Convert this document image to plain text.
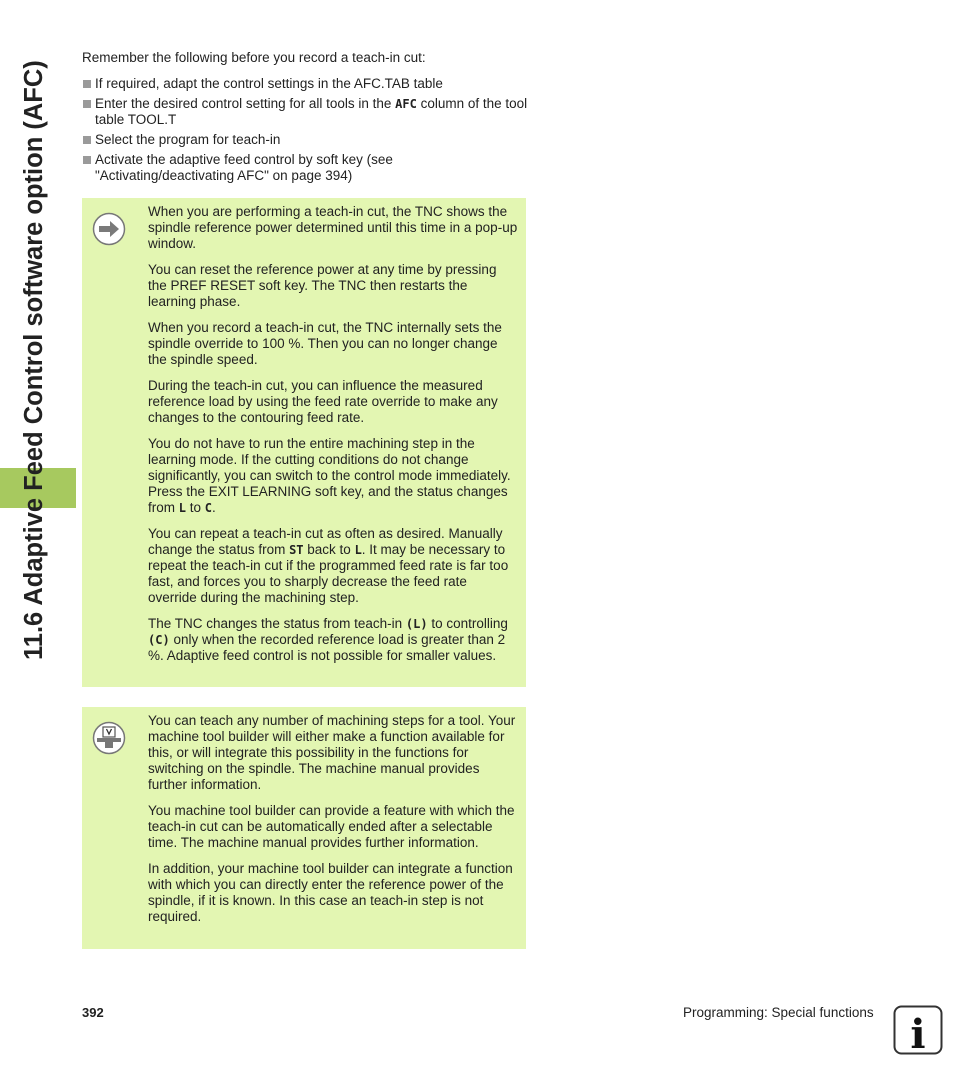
11.6 Adaptive Feed Control software option (AFC)
Remember the following before you record a teach-in cut:
If required, adapt the control settings in the AFC.TAB table
Enter the desired control setting for all tools in the AFC column of the tool table TOOL.T
Select the program for teach-in
Activate the adaptive feed control by soft key (see "Activating/deactivating AFC" on page 394)

When you are performing a teach-in cut, the TNC shows the spindle reference power determined until this time in a pop-up window.

You can reset the reference power at any time by pressing the PREF RESET soft key. The TNC then restarts the learning phase.

When you record a teach-in cut, the TNC internally sets the spindle override to 100 %. Then you can no longer change the spindle speed.

During the teach-in cut, you can influence the measured reference load by using the feed rate override to make any changes to the contouring feed rate.

You do not have to run the entire machining step in the learning mode. If the cutting conditions do not change significantly, you can switch to the control mode immediately. Press the EXIT LEARNING soft key, and the status changes from L to C.

You can repeat a teach-in cut as often as desired. Manually change the status from ST back to L. It may be necessary to repeat the teach-in cut if the programmed feed rate is far too fast, and forces you to sharply decrease the feed rate override during the machining step.

The TNC changes the status from teach-in (L) to controlling (C) only when the recorded reference load is greater than 2 %. Adaptive feed control is not possible for smaller values.

You can teach any number of machining steps for a tool. Your machine tool builder will either make a function available for this, or will integrate this possibility in the functions for switching on the spindle. The machine manual provides further information.

You machine tool builder can provide a feature with which the teach-in cut can be automatically ended after a selectable time. The machine manual provides further information.

In addition, your machine tool builder can integrate a function with which you can directly enter the reference power of the spindle, if it is known. In this case an teach-in step is not required.

392	Programming: Special functions i
